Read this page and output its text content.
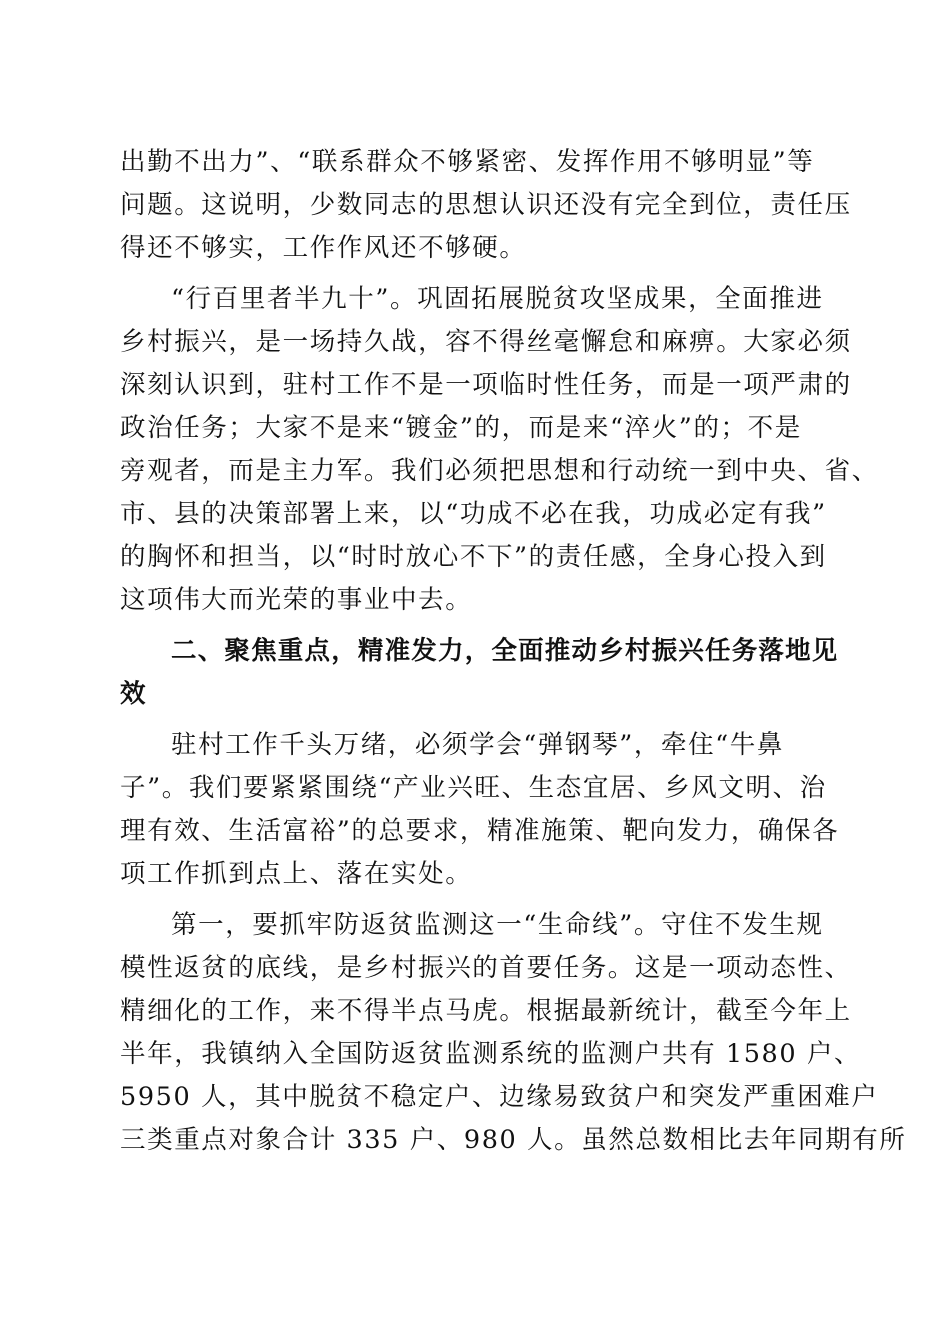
出勤不出力”、“联系群众不够紧密、发挥作用不够明显”等
问题。这说明，少数同志的思想认识还没有完全到位，责任压
得还不够实，工作作风还不够硬。
“行百里者半九十”。巩固拓展脱贫攻坚成果，全面推进
乡村振兴，是一场持久战，容不得丝毫懈怠和麻痹。大家必须
深刻认识到，驻村工作不是一项临时性任务，而是一项严肃的
政治任务；大家不是来“镀金”的，而是来“淬火”的；不是
旁观者，而是主力军。我们必须把思想和行动统一到中央、省、
市、县的决策部署上来，以“功成不必在我，功成必定有我”
的胸怀和担当，以“时时放心不下”的责任感，全身心投入到
这项伟大而光荣的事业中去。
二、聚焦重点，精准发力，全面推动乡村振兴任务落地见
效
驻村工作千头万绪，必须学会“弹钢琴”，牵住“牛鼻
子”。我们要紧紧围绕“产业兴旺、生态宜居、乡风文明、治
理有效、生活富裕”的总要求，精准施策、靶向发力，确保各
项工作抓到点上、落在实处。
第一，要抓牢防返贫监测这一“生命线”。守住不发生规
模性返贫的底线，是乡村振兴的首要任务。这是一项动态性、
精细化的工作，来不得半点马虎。根据最新统计，截至今年上
半年，我镇纳入全国防返贫监测系统的监测户共有 1580 户、
5950 人，其中脱贫不稳定户、边缘易致贫户和突发严重困难户
三类重点对象合计 335 户、980 人。虽然总数相比去年同期有所
